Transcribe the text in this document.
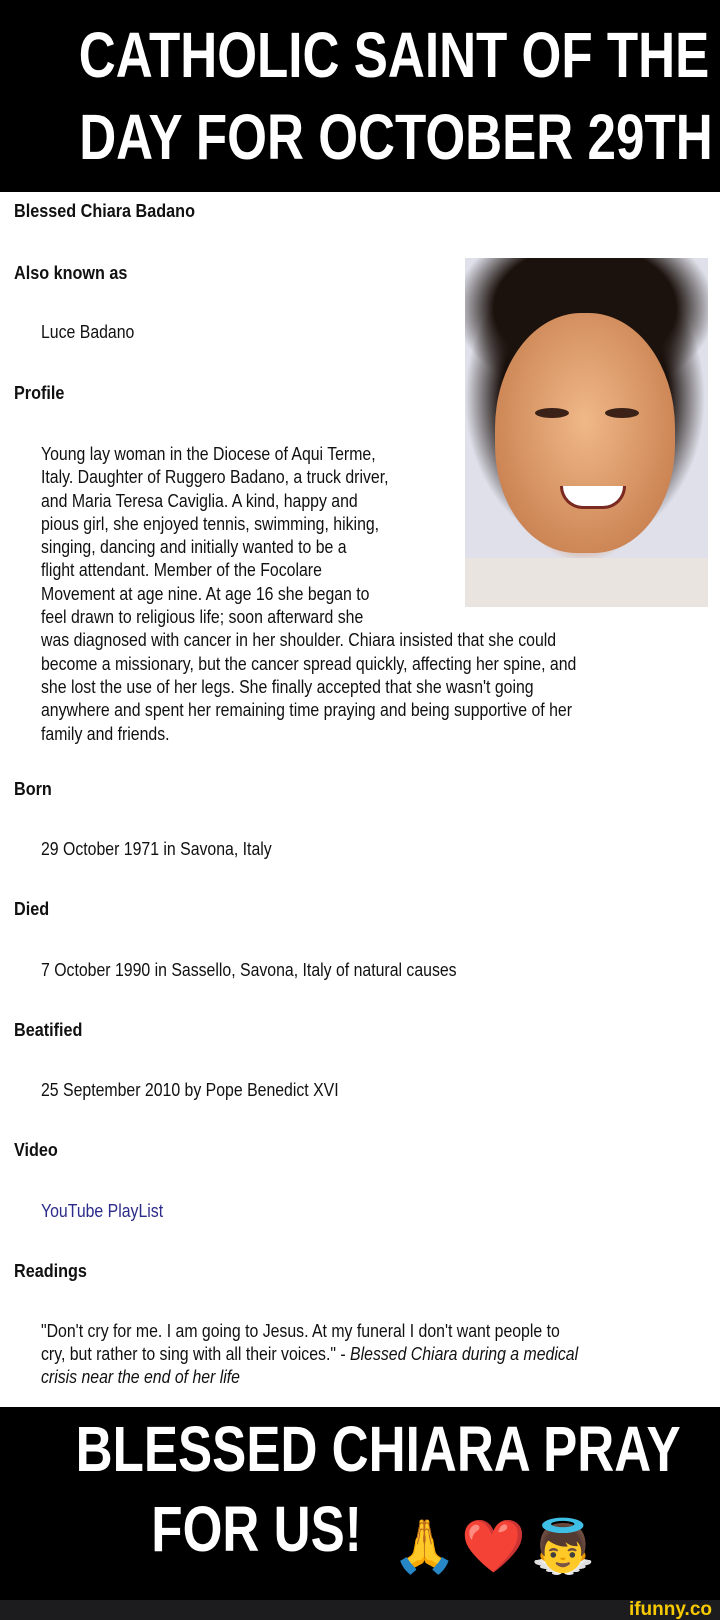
CATHOLIC SAINT OF THE
DAY FOR OCTOBER 29TH
Blessed Chiara Badano
Also known as
Luce Badano
Profile
Young lay woman in the Diocese of Aqui Terme,
Italy. Daughter of Ruggero Badano, a truck driver,
and Maria Teresa Caviglia. A kind, happy and
pious girl, she enjoyed tennis, swimming, hiking,
singing, dancing and initially wanted to be a
flight attendant. Member of the Focolare
Movement at age nine. At age 16 she began to
feel drawn to religious life; soon afterward she
was diagnosed with cancer in her shoulder. Chiara insisted that she could
become a missionary, but the cancer spread quickly, affecting her spine, and
she lost the use of her legs. She finally accepted that she wasn't going
anywhere and spent her remaining time praying and being supportive of her
family and friends.
Born
29 October 1971 in Savona, Italy
Died
7 October 1990 in Sassello, Savona, Italy of natural causes
Beatified
25 September 2010 by Pope Benedict XVI
Video
YouTube PlayList
Readings
"Don't cry for me. I am going to Jesus. At my funeral I don't want people to
cry, but rather to sing with all their voices." - Blessed Chiara during a medical
crisis near the end of her life
BLESSED CHIARA PRAY
FOR US! 🙏 ❤️ 👼
ifunny.co
